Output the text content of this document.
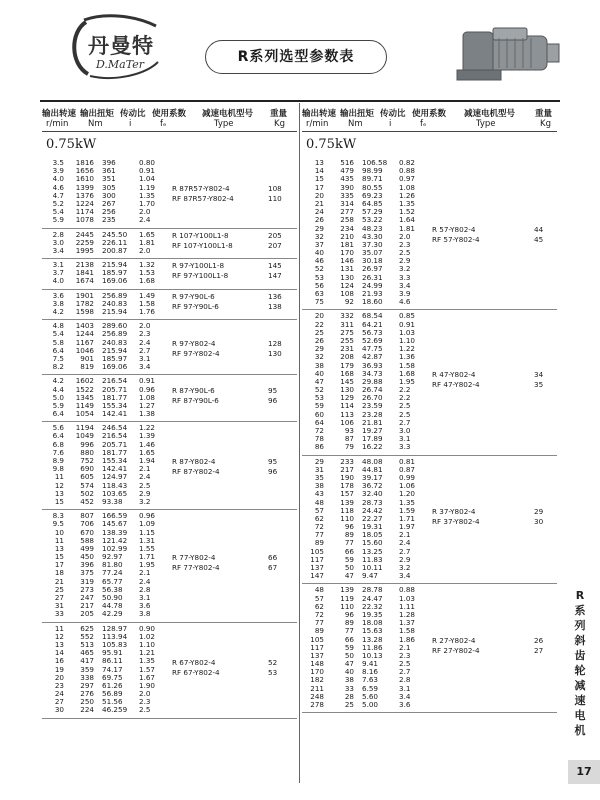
丹曼特
D.MaTer	R系列选型参数表
输出转速 输出扭矩 传动比 使用系数 减速电机型号 重量
r/min Nm	i	fₑ	Type	Kg
0.75kW
3.5	1816 396	0.80
3.9	1656 361	0.91
4.0	1610 351	1.04
4.6	1399 305	1.19
4.7	1376 300	1.35
5.2	1224 267	1.70
5.4	1174 256	2.0
5.9	1078 235	2.4
R 87R57-Y802-4	108
RF 87R57-Y802-4	110
2.8	2445 245.50 1.65
3.0	2259 226.11 1.81
3.4	1995 200.87 2.0
R 107-Y100L1-8	205
RF 107-Y100L1-8	207
3.1	2138 215.94 1.32
3.7	1841 185.97 1.53
4.0	1674 169.06 1.68
R 97-Y100L1-8	145
RF 97-Y100L1-8	147
3.6	1901 256.89 1.49
3.8	1782 240.83 1.58
4.2	1598 215.94 1.76
R 97-Y90L-6	136
RF 97-Y90L-6	138
4.8	1403 289.60 2.0
5.4	1244 256.89 2.3
5.8	1167 240.83 2.4
6.4	1046 215.94 2.7
7.5	901 185.97 3.1
8.2	819 169.06 3.4
R 97-Y802-4	128
RF 97-Y802-4	130
4.2	1602 216.54 0.91
4.4	1522 205.71 0.96
5.0	1345 181.77 1.08
5.9	1149 155.34 1.27
6.4	1054 142.41 1.38
R 87-Y90L-6	95
RF 87-Y90L-6	96
5.6	1194 246.54 1.22
6.4	1049 216.54 1.39
6.8	996 205.71 1.46
7.6	880 181.77 1.65
8.9	752 155.34 1.94
9.8	690 142.41 2.1
11	605 124.97 2.4
12	574 118.43 2.5
13	502 103.65 2.9
15	452 93.38 3.2
R 87-Y802-4	95
RF 87-Y802-4	96
8.3	807 166.59 0.96
9.5	706 145.67 1.09
10	670 138.39 1.15
11	588 121.42 1.31
13	499 102.99 1.55
15	450 92.97 1.71
17	396 81.80 1.95
18	375 77.24 2.1
21	319 65.77 2.4
25	273 56.38 2.8
27	247 50.90 3.1
31	217 44.78 3.6
33	205 42.29 3.8
R 77-Y802-4	66
RF 77-Y802-4	67
11	625 128.97 0.90
12	552 113.94 1.02
13	513 105.83 1.10
14	465 95.91 1.21
16	417 86.11 1.35
19	359 74.17 1.57
20	338 69.75 1.67
23	297 61.26 1.90
24	276 56.89 2.0
27	250 51.56 2.3
30	224 46.259 2.5
R 67-Y802-4	52
RF 67-Y802-4	53
输出转速 输出扭矩 传动比 使用系数 减速电机型号 重量
r/min Nm	i	fₑ	Type	Kg
0.75kW
13	516 106.58 0.82
14	479 98.99 0.88
15	435 89.71 0.97
17	390 80.55 1.08
20	335 69.23 1.26
21	314 64.85 1.35
24	277 57.29 1.52
26	258 53.22 1.64
29	234 48.23 1.81
32	210 43.30 2.0
37	181 37.30 2.3
40	170 35.07 2.5
46	146 30.18 2.9
52	131 26.97 3.2
53	130 26.31 3.3
56	124 24.99 3.4
63	108 21.93 3.9
75	92 18.60 4.6
R 57-Y802-4	44
RF 57-Y802-4	45
20	332 68.54 0.85
22	311 64.21 0.91
25	275 56.73 1.03
26	255 52.69 1.10
29	231 47.75 1.22
32	208 42.87 1.36
38	179 36.93 1.58
40	168 34.73 1.68
47	145 29.88 1.95
52	130 26.74 2.2
53	129 26.70 2.2
59	114 23.59 2.5
60	113 23.28 2.5
64	106 21.81 2.7
72	93 19.27 3.0
78	87 17.89 3.1
86	79 16.22 3.3
R 47-Y802-4	34
RF 47-Y802-4	35
29	233 48.08 0.81
31	217 44.81 0.87
35	190 39.17 0.99
38	178 36.72 1.06
43	157 32.40 1.20
48	139 28.73 1.35
57	118 24.42 1.59
62	110 22.27 1.71
72	96 19.31 1.97
77	89 18.05 2.1
89	77 15.60 2.4
105	66 13.25 2.7
117	59 11.83 2.9
137	50 10.11 3.2
147	47 9.47	3.4
R 37-Y802-4	29
RF 37-Y802-4	30
48	139 28.78 0.88
57	119 24.47 1.03
62	110 22.32 1.11
72	96 19.35 1.28
77	89 18.08 1.37
89	77 15.63 1.58
105	66 13.28 1.86
117	59 11.86 2.1
137	50 10.13 2.3
148	47 9.41	2.5
170	40 8.16	2.7
182	38 7.63	2.8
211	33 6.59	3.1
248	28 5.60	3.4
278	25 5.00	3.6
R 27-Y802-4	26
RF 27-Y802-4	27
R
系
列
斜
齿
轮
减
速
电
机
17
